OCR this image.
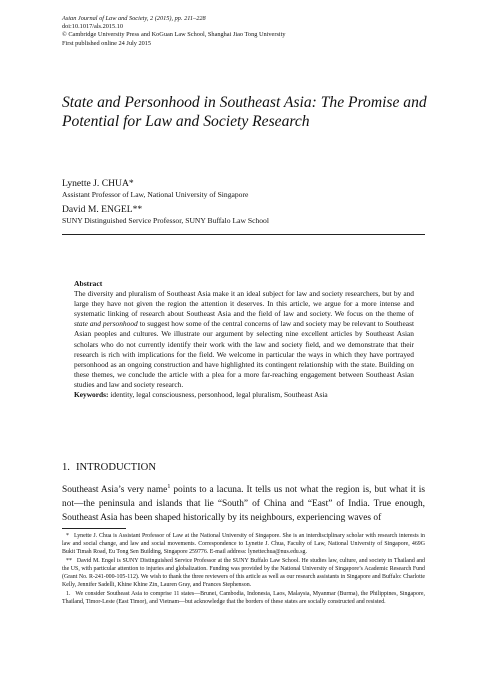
Asian Journal of Law and Society, 2 (2015), pp. 211–228
doi:10.1017/als.2015.10
© Cambridge University Press and KoGuan Law School, Shanghai Jiao Tong University
First published online 24 July 2015
State and Personhood in Southeast Asia: The Promise and Potential for Law and Society Research
Lynette J. CHUA*
Assistant Professor of Law, National University of Singapore
David M. ENGEL**
SUNY Distinguished Service Professor, SUNY Buffalo Law School
Abstract

The diversity and pluralism of Southeast Asia make it an ideal subject for law and society researchers, but by and large they have not given the region the attention it deserves. In this article, we argue for a more intense and systematic linking of research about Southeast Asia and the field of law and society. We focus on the theme of state and personhood to suggest how some of the central concerns of law and society may be relevant to Southeast Asian peoples and cultures. We illustrate our argument by selecting nine excellent articles by Southeast Asian scholars who do not currently identify their work with the law and society field, and we demonstrate that their research is rich with implications for the field. We welcome in particular the ways in which they have portrayed personhood as an ongoing construction and have highlighted its contingent relationship with the state. Building on these themes, we conclude the article with a plea for a more far-reaching engagement between Southeast Asian studies and law and society research.

Keywords: identity, legal consciousness, personhood, legal pluralism, Southeast Asia

1. INTRODUCTION

Southeast Asia’s very name$^1$ points to a lacuna. It tells us not what the region is, but what it is not—the peninsula and islands that lie “South” of China and “East” of India. True enough, Southeast Asia has been shaped historically by its neighbours, experiencing waves of

* Lynette J. Chua is Assistant Professor of Law at the National University of Singapore. She is an interdisciplinary scholar with research interests in law and social change, and law and social movements. Correspondence to Lynette J. Chua, Faculty of Law, National University of Singapore, 469G Bukit Timah Road, Eu Tong Sen Building, Singapore 259776. E-mail address: lynettechua@nus.edu.sg.

** David M. Engel is SUNY Distinguished Service Professor at the SUNY Buffalo Law School. He studies law, culture, and society in Thailand and the US, with particular attention to injuries and globalization. Funding was provided by the National University of Singapore’s Academic Research Fund (Grant No. R-241-000-105-112). We wish to thank the three reviewers of this article as well as our research assistants in Singapore and Buffalo: Charlotte Kelly, Jennifer Sadelli, Khine Khine Zin, Lauren Gray, and Frances Stephenson.

1. We consider Southeast Asia to comprise 11 states—Brunei, Cambodia, Indonesia, Laos, Malaysia, Myanmar (Burma), the Philippines, Singapore, Thailand, Timor-Leste (East Timor), and Vietnam—but acknowledge that the borders of these states are socially constructed and resisted.
